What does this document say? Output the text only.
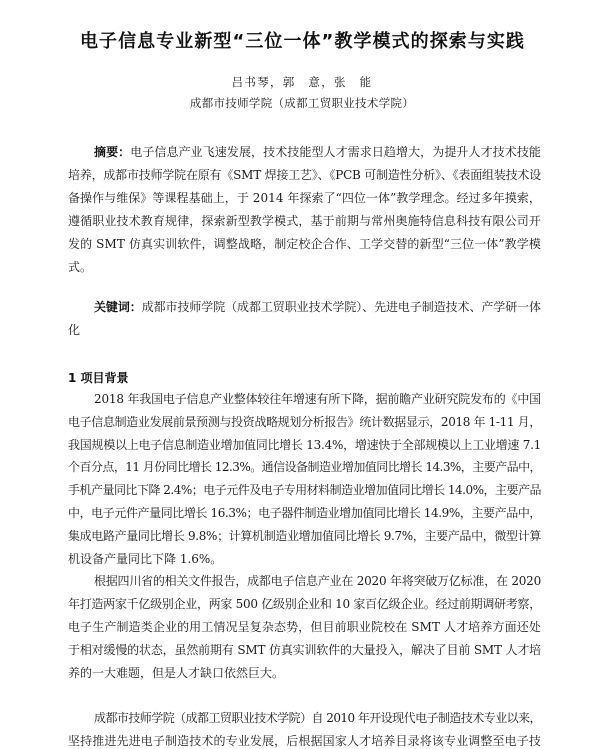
电子信息专业新型“三位一体”教学模式的探索与实践
吕书琴，郭　意，张　能
成都市技师学院（成都工贸职业技术学院）
摘要：电子信息产业飞速发展，技术技能型人才需求日趋增大，为提升人才技术技能
培养，成都市技师学院在原有《SMT 焊接工艺》、《PCB 可制造性分析》、《表面组装技术设
备操作与维保》等课程基础上，于 2014 年探索了“四位一体”教学理念。经过多年摸索，
遵循职业技术教育规律，探索新型教学模式，基于前期与常州奥施特信息科技有限公司开
发的 SMT 仿真实训软件，调整战略，制定校企合作、工学交替的新型“三位一体”教学模
式。
关键词：成都市技师学院（成都工贸职业技术学院）、先进电子制造技术、产学研一体
化
1 项目背景
2018 年我国电子信息产业整体较往年增速有所下降，据前瞻产业研究院发布的《中国
电子信息制造业发展前景预测与投资战略规划分析报告》统计数据显示，2018 年 1-11 月，
我国规模以上电子信息制造业增加值同比增长 13.4%，增速快于全部规模以上工业增速 7.1
个百分点，11 月份同比增长 12.3%。通信设备制造业增加值同比增长 14.3%，主要产品中，
手机产量同比下降 2.4%；电子元件及电子专用材料制造业增加值同比增长 14.0%，主要产品
中，电子元件产量同比增长 16.3%；电子器件制造业增加值同比增长 14.9%，主要产品中，
集成电路产量同比增长 9.8%；计算机制造业增加值同比增长 9.7%，主要产品中，微型计算
机设备产量同比下降 1.6%。
根据四川省的相关文件报告，成都电子信息产业在 2020 年将突破万亿标准，在 2020
年打造两家千亿级别企业，两家 500 亿级别企业和 10 家百亿级企业。经过前期调研考察，
电子生产制造类企业的用工情况呈复杂态势，但目前职业院校在 SMT 人才培养方面还处
于相对缓慢的状态，虽然前期有 SMT 仿真实训软件的大量投入，解决了目前 SMT 人才培
养的一大难题，但是人才缺口依然巨大。
成都市技师学院（成都工贸职业技术学院）自 2010 年开设现代电子制造技术专业以来，
坚持推进先进电子制造技术的专业发展，后根据国家人才培养目录将该专业调整至电子技
